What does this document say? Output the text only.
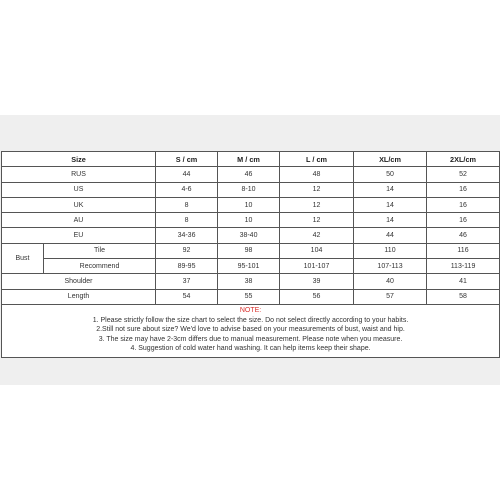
Size		S / cm	M / cm	L / cm	XL/cm	2XL/cm
RUS		44	46	48	50	52
US		4-6	8-10	12	14	16
UK		8	10	12	14	16
AU		8	10	12	14	16
EU		34-36	38-40	42	44	46
Bust	Tile	92	98	104	110	116
	Recommend	89-95	95-101	101-107	107-113	113-119
Shoulder		37	38	39	40	41
Length		54	55	56	57	58

NOTE:
1. Please strictly follow the size chart to select the size. Do not select directly according to your habits.
2.Still not sure about size? We'd love to advise based on your measurements of bust, waist and hip.
3. The size may have 2-3cm differs due to manual measurement. Please note when you measure.
4. Suggestion of cold water hand washing. It can help items keep their shape.						
